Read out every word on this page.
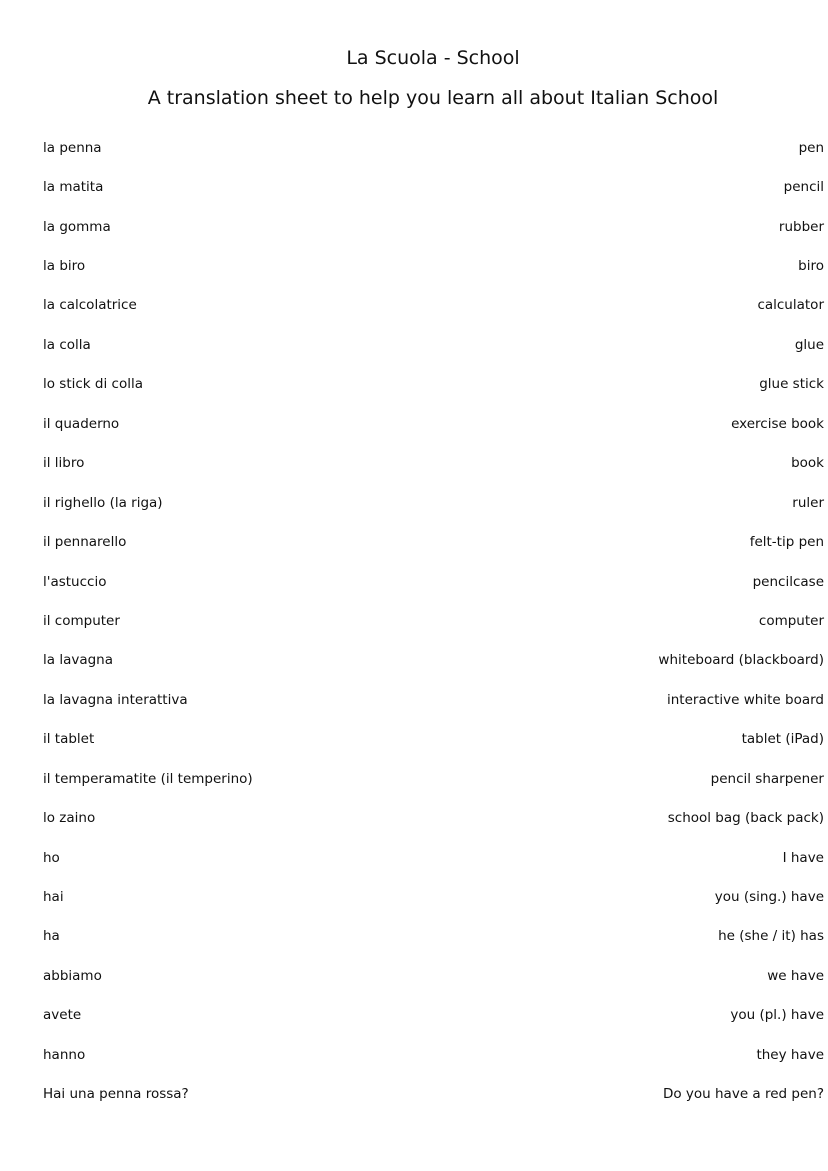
La Scuola - School
A translation sheet to help you learn all about Italian School
la penna	pen
la matita	pencil
la gomma	rubber
la biro	biro
la calcolatrice	calculator
la colla	glue
lo stick di colla	glue stick
il quaderno	exercise book
il libro	book
il righello (la riga)	ruler
il pennarello	felt-tip pen
l'astuccio	pencilcase
il computer	computer
la lavagna	whiteboard (blackboard)
la lavagna interattiva	interactive white board
il tablet	tablet (iPad)
il temperamatite (il temperino)	pencil sharpener
lo zaino	school bag (back pack)
ho	I have
hai	you (sing.) have
ha	he (she / it) has
abbiamo	we have
avete	you (pl.) have
hanno	they have
Hai una penna rossa?	Do you have a red pen?
